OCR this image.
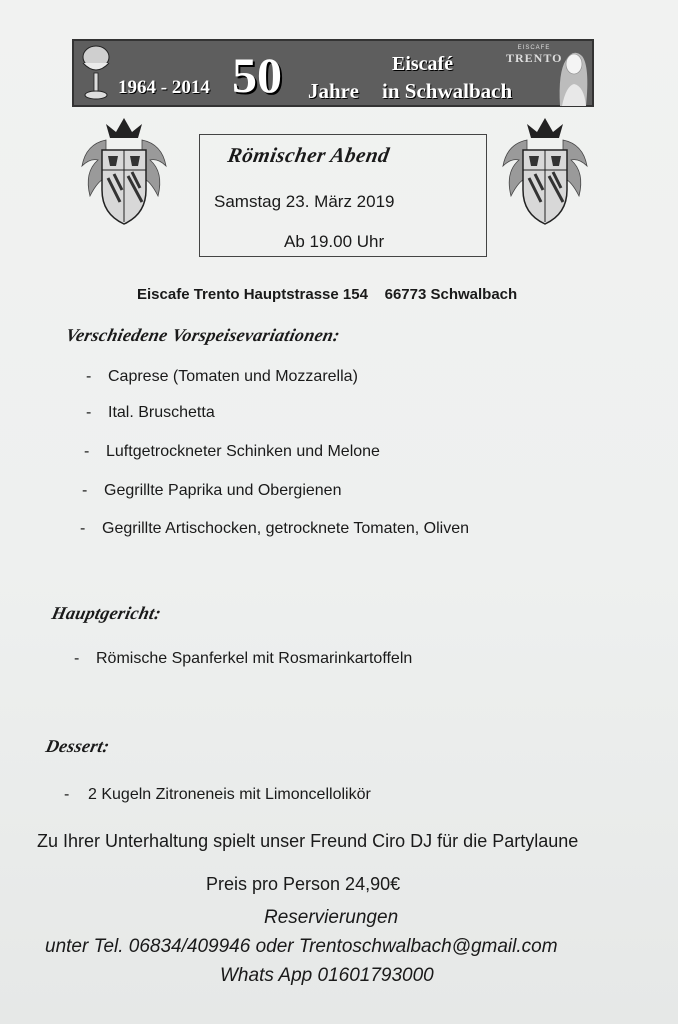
1964 - 2014 50 Jahre
Eiscafé
in Schwalbach
EISCAFE
TRENTO
Römischer Abend
Samstag 23. März 2019
Ab 19.00 Uhr
Eiscafe Trento Hauptstrasse 154    66773 Schwalbach
Verschiedene Vorspeisevariationen:
- Caprese (Tomaten und Mozzarella)
- Ital. Bruschetta
- Luftgetrockneter Schinken und Melone
- Gegrillte Paprika und Obergienen
- Gegrillte Artischocken, getrocknete Tomaten, Oliven
Hauptgericht:
- Römische Spanferkel mit Rosmarinkartoffeln
Dessert:
- 2 Kugeln Zitroneneis mit Limoncellolikör
Zu Ihrer Unterhaltung spielt unser Freund Ciro DJ für die Partylaune
Preis pro Person 24,90€
Reservierungen
unter Tel. 06834/409946 oder Trentoschwalbach@gmail.com
Whats App 01601793000
